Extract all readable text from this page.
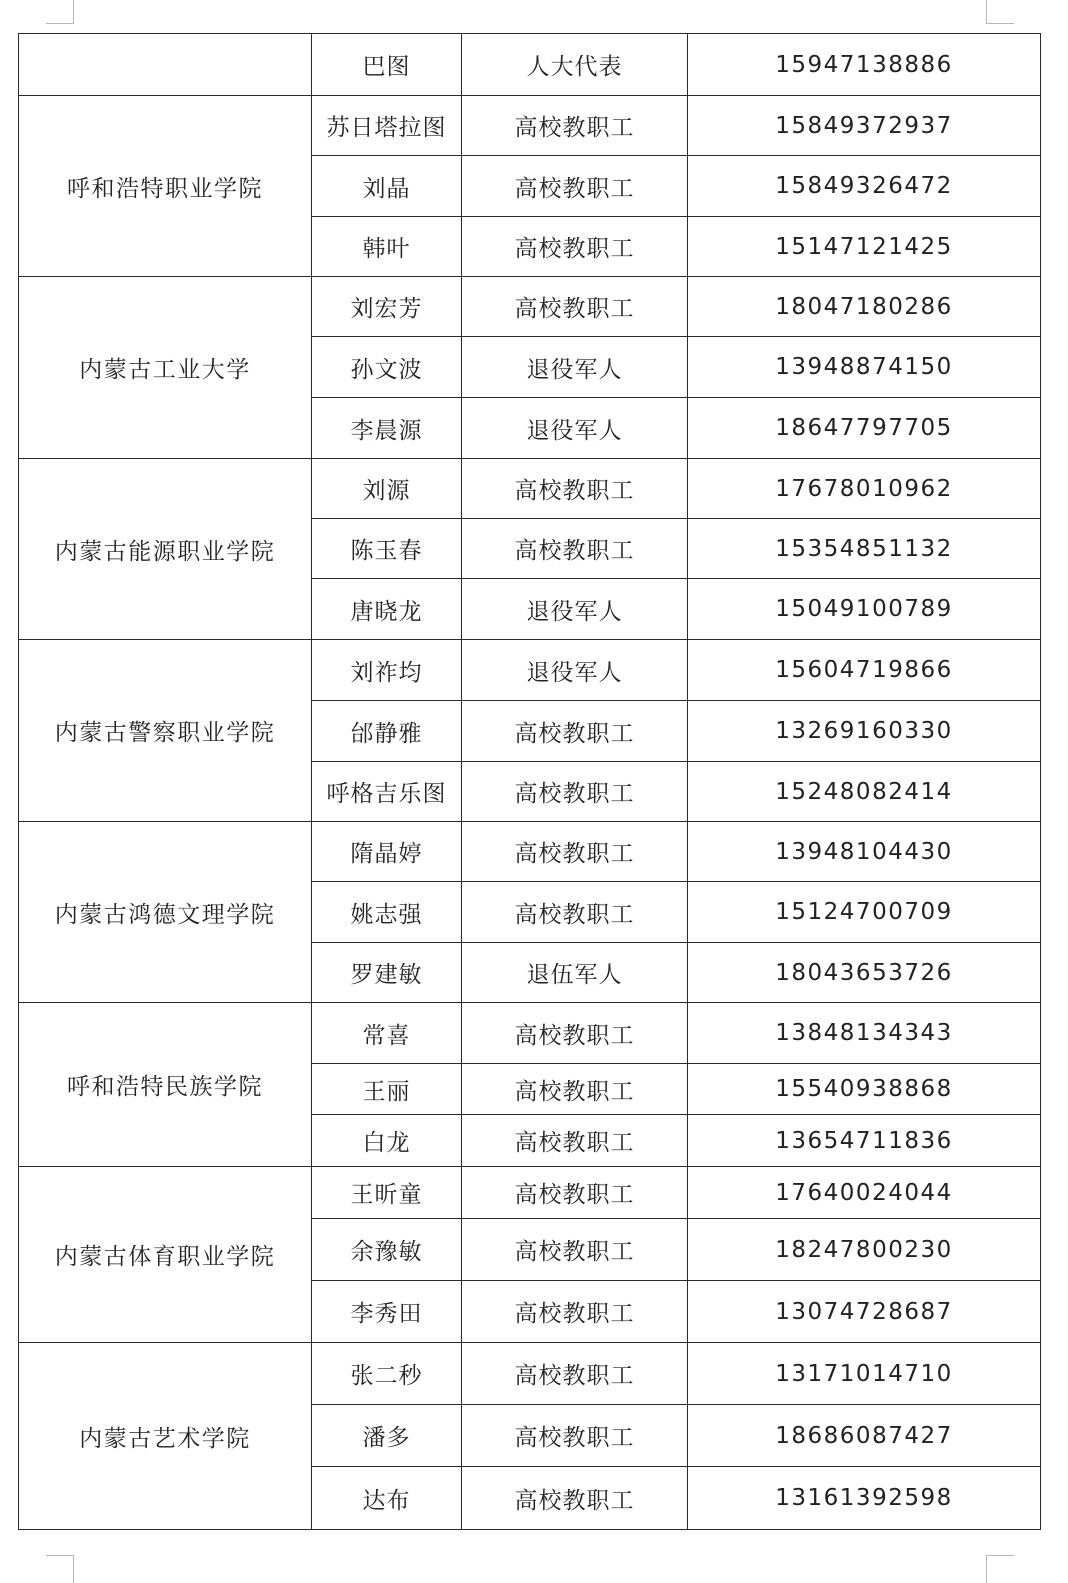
	巴图	人大代表	15947138886
呼和浩特职业学院	苏日塔拉图	高校教职工	15849372937
	刘晶	高校教职工	15849326472
	韩叶	高校教职工	15147121425
内蒙古工业大学	刘宏芳	高校教职工	18047180286
	孙文波	退役军人	13948874150
	李晨源	退役军人	18647797705
内蒙古能源职业学院	刘源	高校教职工	17678010962
	陈玉春	高校教职工	15354851132
	唐晓龙	退役军人	15049100789
内蒙古警察职业学院	刘祚均	退役军人	15604719866
	邰静雅	高校教职工	13269160330
	呼格吉乐图	高校教职工	15248082414
内蒙古鸿德文理学院	隋晶婷	高校教职工	13948104430
	姚志强	高校教职工	15124700709
	罗建敏	退伍军人	18043653726
呼和浩特民族学院	常喜	高校教职工	13848134343
	王丽	高校教职工	15540938868
	白龙	高校教职工	13654711836
内蒙古体育职业学院	王昕童	高校教职工	17640024044
	余豫敏	高校教职工	18247800230
	李秀田	高校教职工	13074728687
内蒙古艺术学院	张二秒	高校教职工	13171014710
	潘多	高校教职工	18686087427
	达布	高校教职工	13161392598
